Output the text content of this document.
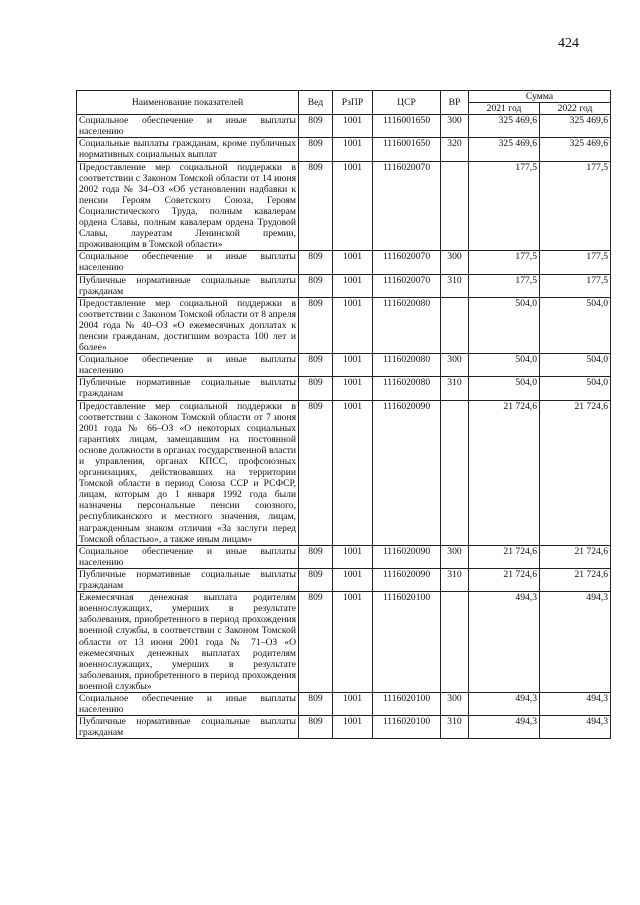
424
Наименование показателей	Вед	РзПР	ЦСР	ВР	Сумма	
					2021 год	2022 год
Социальное обеспечение и иные выплаты населению	809	1001	1116001650	300	325 469,6	325 469,6
Социальные выплаты гражданам, кроме публичных нормативных социальных выплат	809	1001	1116001650	320	325 469,6	325 469,6
Предоставление мер социальной поддержки в соответствии с Законом Томской области от 14 июня 2002 года № 34–ОЗ «Об установлении надбавки к пенсии Героям Советского Союза, Героям Социалистического Труда, полным кавалерам ордена Славы, полным кавалерам ордена Трудовой Славы, лауреатам Ленинской премии, проживающим в Томской области»	809	1001	1116020070		177,5	177,5
Социальное обеспечение и иные выплаты населению	809	1001	1116020070	300	177,5	177,5
Публичные нормативные социальные выплаты гражданам	809	1001	1116020070	310	177,5	177,5
Предоставление мер социальной поддержки в соответствии с Законом Томской области от 8 апреля 2004 года № 40–ОЗ «О ежемесячных доплатах к пенсии гражданам, достигшим возраста 100 лет и более»	809	1001	1116020080		504,0	504,0
Социальное обеспечение и иные выплаты населению	809	1001	1116020080	300	504,0	504,0
Публичные нормативные социальные выплаты гражданам	809	1001	1116020080	310	504,0	504,0
Предоставление мер социальной поддержки в соответствии с Законом Томской области от 7 июня 2001 года № 66–ОЗ «О некоторых социальных гарантиях лицам, замещавшим на постоянной основе должности в органах государственной власти и управления, органах КПСС, профсоюзных организациях, действовавших на территории Томской области в период Союза ССР и РСФСР, лицам, которым до 1 января 1992 года были назначены персональные пенсии союзного, республиканского и местного значения, лицам, награжденным знаком отличия «За заслуги перед Томской областью», а также иным лицам»	809	1001	1116020090		21 724,6	21 724,6
Социальное обеспечение и иные выплаты населению	809	1001	1116020090	300	21 724,6	21 724,6
Публичные нормативные социальные выплаты гражданам	809	1001	1116020090	310	21 724,6	21 724,6
Ежемесячная денежная выплата родителям военнослужащих, умерших в результате заболевания, приобретенного в период прохождения военной службы, в соответствии с Законом Томской области от 13 июня 2001 года № 71–ОЗ «О ежемесячных денежных выплатах родителям военнослужащих, умерших в результате заболевания, приобретенного в период прохождения военной службы»	809	1001	1116020100		494,3	494,3
Социальное обеспечение и иные выплаты населению	809	1001	1116020100	300	494,3	494,3
Публичные нормативные социальные выплаты гражданам	809	1001	1116020100	310	494,3	494,3
